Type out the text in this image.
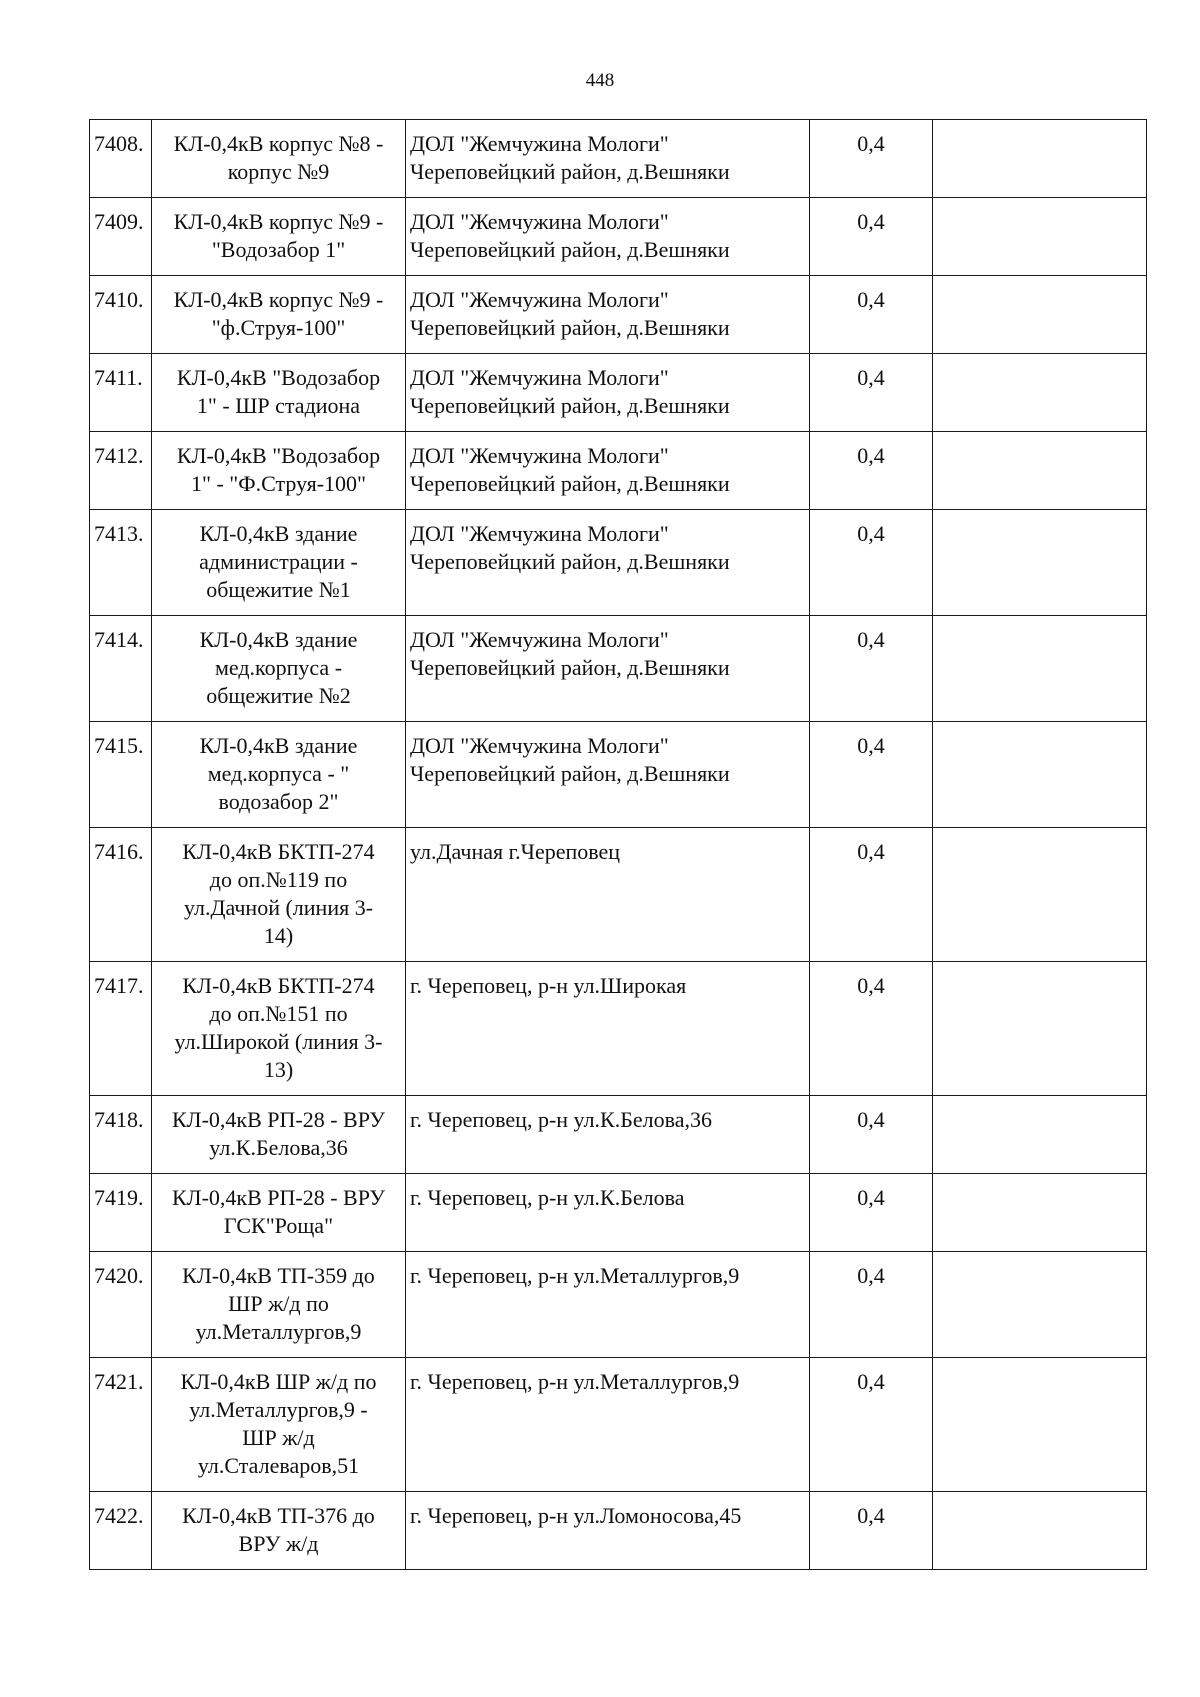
448
7408.	КЛ-0,4кВ корпус №8 -
корпус №9	ДОЛ "Жемчужина Мологи"
Череповейцкий район, д.Вешняки	0,4	
7409.	КЛ-0,4кВ корпус №9 -
"Водозабор 1"	ДОЛ "Жемчужина Мологи"
Череповейцкий район, д.Вешняки	0,4	
7410.	КЛ-0,4кВ корпус №9 -
"ф.Струя-100"	ДОЛ "Жемчужина Мологи"
Череповейцкий район, д.Вешняки	0,4	
7411.	КЛ-0,4кВ "Водозабор
1" - ШР стадиона	ДОЛ "Жемчужина Мологи"
Череповейцкий район, д.Вешняки	0,4	
7412.	КЛ-0,4кВ "Водозабор
1" - "Ф.Струя-100"	ДОЛ "Жемчужина Мологи"
Череповейцкий район, д.Вешняки	0,4	
7413.	КЛ-0,4кВ здание
администрации -
общежитие №1	ДОЛ "Жемчужина Мологи"
Череповейцкий район, д.Вешняки	0,4	
7414.	КЛ-0,4кВ здание
мед.корпуса -
общежитие №2	ДОЛ "Жемчужина Мологи"
Череповейцкий район, д.Вешняки	0,4	
7415.	КЛ-0,4кВ здание
мед.корпуса - "
водозабор 2"	ДОЛ "Жемчужина Мологи"
Череповейцкий район, д.Вешняки	0,4	
7416.	КЛ-0,4кВ БКТП-274
до оп.№119 по
ул.Дачной (линия 3-
14)	ул.Дачная г.Череповец	0,4	
7417.	КЛ-0,4кВ БКТП-274
до оп.№151 по
ул.Широкой (линия 3-
13)	г. Череповец, р-н ул.Широкая	0,4	
7418.	КЛ-0,4кВ РП-28 - ВРУ
ул.К.Белова,36	г. Череповец, р-н ул.К.Белова,36	0,4	
7419.	КЛ-0,4кВ РП-28 - ВРУ
ГСК"Роща"	г. Череповец, р-н ул.К.Белова	0,4	
7420.	КЛ-0,4кВ ТП-359 до
ШР ж/д по
ул.Металлургов,9	г. Череповец, р-н ул.Металлургов,9	0,4	
7421.	КЛ-0,4кВ ШР ж/д по
ул.Металлургов,9 -
ШР ж/д
ул.Сталеваров,51	г. Череповец, р-н ул.Металлургов,9	0,4	
7422.	КЛ-0,4кВ ТП-376 до
ВРУ ж/д	г. Череповец, р-н ул.Ломоносова,45	0,4	
